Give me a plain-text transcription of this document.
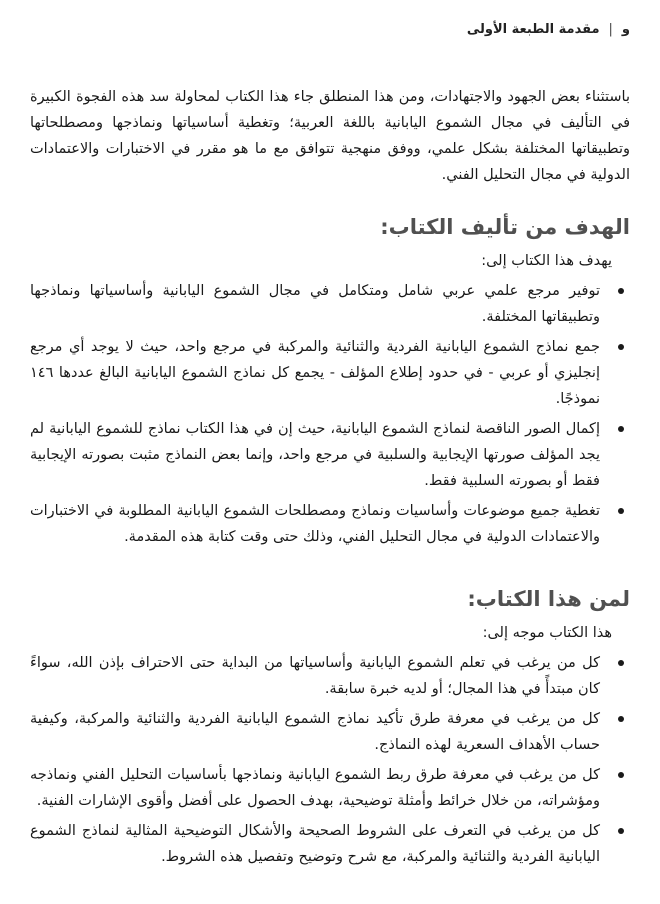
و
|
مقدمة الطبعة الأولى

باستثناء بعض الجهود والاجتهادات، ومن هذا المنطلق جاء هذا الكتاب لمحاولة سد هذه الفجوة الكبيرة في التأليف في مجال الشموع اليابانية باللغة العربية؛ وتغطية أساسياتها ونماذجها ومصطلحاتها وتطبيقاتها المختلفة بشكل علمي، ووفق منهجية تتوافق مع ما هو مقرر في الاختبارات والاعتمادات الدولية في مجال التحليل الفني.

الهدف من تأليف الكتاب:

يهدف هذا الكتاب إلى:

توفير مرجع علمي عربي شامل ومتكامل في مجال الشموع اليابانية وأساسياتها ونماذجها وتطبيقاتها المختلفة.
جمع نماذج الشموع اليابانية الفردية والثنائية والمركبة في مرجع واحد، حيث لا يوجد أي مرجع إنجليزي أو عربي - في حدود إطلاع المؤلف - يجمع كل نماذج الشموع اليابانية البالغ عددها ١٤٦ نموذجًا.
إكمال الصور الناقصة لنماذج الشموع اليابانية، حيث إن في هذا الكتاب نماذج للشموع اليابانية لم يجد المؤلف صورتها الإيجابية والسلبية في مرجع واحد، وإنما بعض النماذج مثبت بصورته الإيجابية فقط أو بصورته السلبية فقط.
تغطية جميع موضوعات وأساسيات ونماذج ومصطلحات الشموع اليابانية المطلوبة في الاختبارات والاعتمادات الدولية في مجال التحليل الفني، وذلك حتى وقت كتابة هذه المقدمة.
لمن هذا الكتاب:

هذا الكتاب موجه إلى:

كل من يرغب في تعلم الشموع اليابانية وأساسياتها من البداية حتى الاحتراف بإذن الله، سواءً كان مبتدأً في هذا المجال؛ أو لديه خبرة سابقة.
كل من يرغب في معرفة طرق تأكيد نماذج الشموع اليابانية الفردية والثنائية والمركبة، وكيفية حساب الأهداف السعرية لهذه النماذج.
كل من يرغب في معرفة طرق ربط الشموع اليابانية ونماذجها بأساسيات التحليل الفني ونماذجه ومؤشراته، من خلال خرائط وأمثلة توضيحية، بهدف الحصول على أفضل وأقوى الإشارات الفنية.
كل من يرغب في التعرف على الشروط الصحيحة والأشكال التوضيحية المثالية لنماذج الشموع اليابانية الفردية والثنائية والمركبة، مع شرح وتوضيح وتفصيل هذه الشروط.
